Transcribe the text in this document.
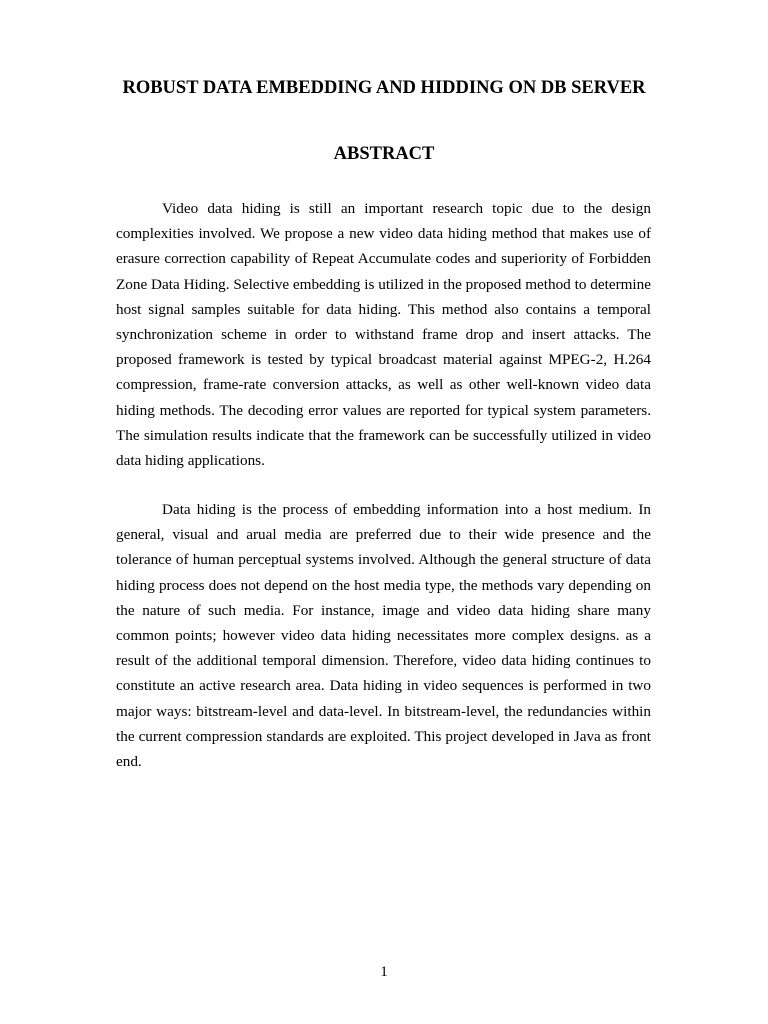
ROBUST DATA EMBEDDING AND HIDDING ON DB SERVER
ABSTRACT

Video data hiding is still an important research topic due to the design complexities involved. We propose a new video data hiding method that makes use of erasure correction capability of Repeat Accumulate codes and superiority of Forbidden Zone Data Hiding. Selective embedding is utilized in the proposed method to determine host signal samples suitable for data hiding. This method also contains a temporal synchronization scheme in order to withstand frame drop and insert attacks. The proposed framework is tested by typical broadcast material against MPEG-2, H.264 compression, frame-rate conversion attacks, as well as other well-known video data hiding methods. The decoding error values are reported for typical system parameters. The simulation results indicate that the framework can be successfully utilized in video data hiding applications.

Data hiding is the process of embedding information into a host medium. In general, visual and arual media are preferred due to their wide presence and the tolerance of human perceptual systems involved. Although the general structure of data hiding process does not depend on the host media type, the methods vary depending on the nature of such media. For instance, image and video data hiding share many common points; however video data hiding necessitates more complex designs. as a result of the additional temporal dimension. Therefore, video data hiding continues to constitute an active research area. Data hiding in video sequences is performed in two major ways: bitstream-level and data-level. In bitstream-level, the redundancies within the current compression standards are exploited. This project developed in Java as front end.

1
